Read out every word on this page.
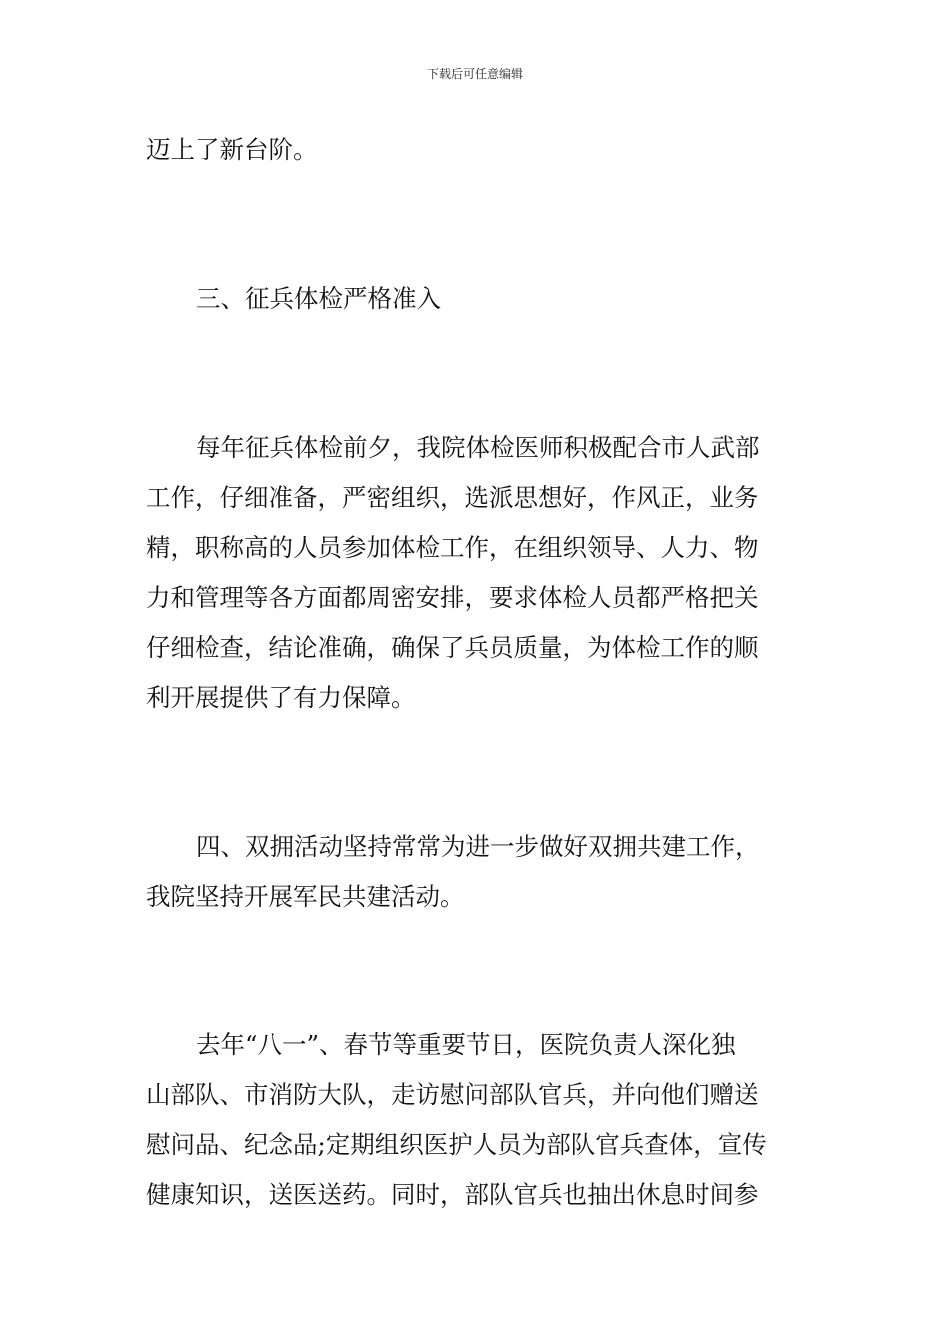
下载后可任意编辑
迈上了新台阶。
三、征兵体检严格准入
每年征兵体检前夕，我院体检医师积极配合市人武部
工作，仔细准备，严密组织，选派思想好，作风正，业务
精，职称高的人员参加体检工作，在组织领导、人力、物
力和管理等各方面都周密安排，要求体检人员都严格把关
仔细检查，结论准确，确保了兵员质量，为体检工作的顺
利开展提供了有力保障。
四、双拥活动坚持常常为进一步做好双拥共建工作，
我院坚持开展军民共建活动。
去年“八一”、春节等重要节日，医院负责人深化独
山部队、市消防大队，走访慰问部队官兵，并向他们赠送
慰问品、纪念品;定期组织医护人员为部队官兵查体，宣传
健康知识，送医送药。同时，部队官兵也抽出休息时间参
